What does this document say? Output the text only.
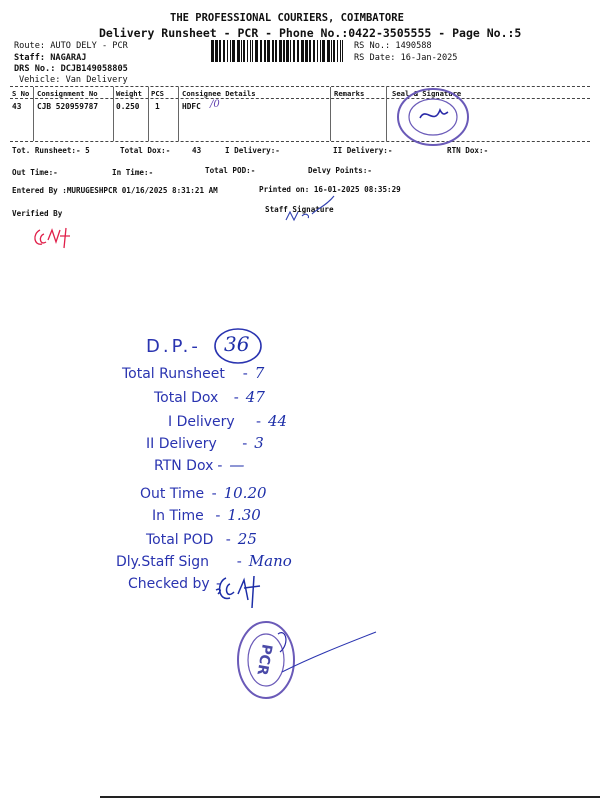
THE PROFESSIONAL COURIERS, COIMBATORE
Delivery Runsheet - PCR - Phone No.:0422-3505555 - Page No.:5
Route: AUTO DELY - PCR
Staff: NAGARAJ
DRS No.: DCJB149058805
Vehicle: Van Delivery
RS No.: 1490588
RS Date: 16-Jan-2025
S No Consignment No	Weight PCS	Consignee Details	Remarks	Seal & Signature
43 CJB 520959787 0.250 1	HDFC /0
Tot. Runsheet:- 5	Total Dox:-	43	I Delivery:-	II Delivery:-	RTN Dox:-
Out Time:-	In Time:-	Total POD:-	Delvy Points:-
Entered By :MURUGESHPCR 01/16/2025 8:31:21 AM	Printed on: 16-01-2025 08:35:29
Verified By	Staff Signature
D.P.- 36
Total Runsheet - 7
Total Dox - 47
I Delivery - 44
II Delivery - 3
RTN Dox - —
Out Time - 10.20
In Time - 1.30
Total POD - 25
Dly.Staff Sign - Mano
Checked by -
PCR
